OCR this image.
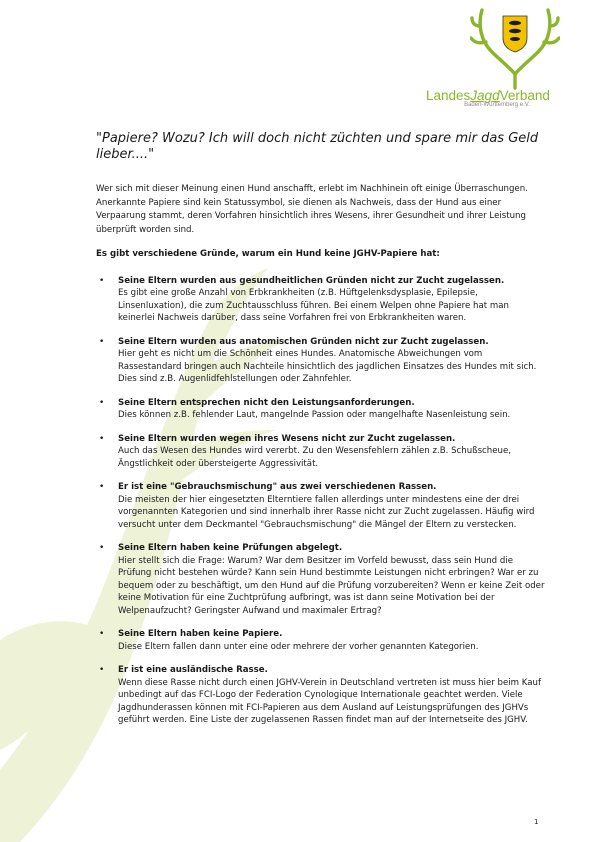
LandesJagdVerband
Baden-Württemberg e.V.
"Papiere? Wozu? Ich will doch nicht züchten und spare mir das Geld lieber...."

Wer sich mit dieser Meinung einen Hund anschafft, erlebt im Nachhinein oft einige Überraschungen. Anerkannte Papiere sind kein Statussymbol, sie dienen als Nachweis, dass der Hund aus einer Verpaarung stammt, deren Vorfahren hinsichtlich ihres Wesens, ihrer Gesundheit und ihrer Leistung überprüft worden sind.

Es gibt verschiedene Gründe, warum ein Hund keine JGHV-Papiere hat:

• Seine Eltern wurden aus gesundheitlichen Gründen nicht zur Zucht zugelassen.
Es gibt eine große Anzahl von Erbkrankheiten (z.B. Hüftgelenksdysplasie, Epilepsie, Linsenluxation), die zum Zuchtausschluss führen. Bei einem Welpen ohne Papiere hat man keinerlei Nachweis darüber, dass seine Vorfahren frei von Erbkrankheiten waren.
• Seine Eltern wurden aus anatomischen Gründen nicht zur Zucht zugelassen.
Hier geht es nicht um die Schönheit eines Hundes. Anatomische Abweichungen vom Rassestandard bringen auch Nachteile hinsichtlich des jagdlichen Einsatzes des Hundes mit sich. Dies sind z.B. Augenlidfehlstellungen oder Zahnfehler.
• Seine Eltern entsprechen nicht den Leistungsanforderungen.
Dies können z.B. fehlender Laut, mangelnde Passion oder mangelhafte Nasenleistung sein.
• Seine Eltern wurden wegen ihres Wesens nicht zur Zucht zugelassen.
Auch das Wesen des Hundes wird vererbt. Zu den Wesensfehlern zählen z.B. Schußscheue, Ängstlichkeit oder übersteigerte Aggressivität.
• Er ist eine "Gebrauchsmischung" aus zwei verschiedenen Rassen.
Die meisten der hier eingesetzten Elterntiere fallen allerdings unter mindestens eine der drei vorgenannten Kategorien und sind innerhalb ihrer Rasse nicht zur Zucht zugelassen. Häufig wird versucht unter dem Deckmantel "Gebrauchsmischung" die Mängel der Eltern zu verstecken.
• Seine Eltern haben keine Prüfungen abgelegt.
Hier stellt sich die Frage: Warum? War dem Besitzer im Vorfeld bewusst, dass sein Hund die Prüfung nicht bestehen würde? Kann sein Hund bestimmte Leistungen nicht erbringen? War er zu bequem oder zu beschäftigt, um den Hund auf die Prüfung vorzubereiten? Wenn er keine Zeit oder keine Motivation für eine Zuchtprüfung aufbringt, was ist dann seine Motivation bei der Welpenaufzucht? Geringster Aufwand und maximaler Ertrag?
• Seine Eltern haben keine Papiere.
Diese Eltern fallen dann unter eine oder mehrere der vorher genannten Kategorien.
• Er ist eine ausländische Rasse.
Wenn diese Rasse nicht durch einen JGHV-Verein in Deutschland vertreten ist muss hier beim Kauf unbedingt auf das FCI-Logo der Federation Cynologique Internationale geachtet werden. Viele Jagdhunderassen können mit FCI-Papieren aus dem Ausland auf Leistungsprüfungen des JGHVs geführt werden. Eine Liste der zugelassenen Rassen findet man auf der Internetseite des JGHV.
1
